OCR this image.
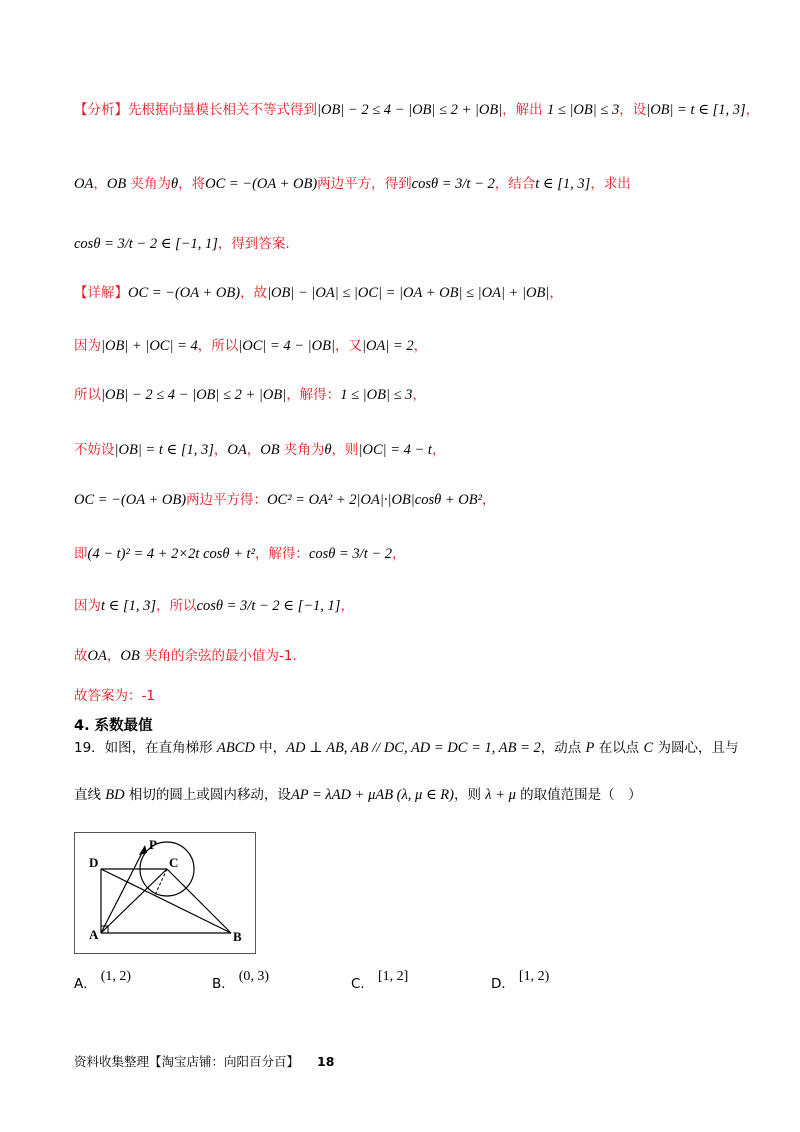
【分析】先根据向量模长相关不等式得到|OB| − 2 ≤ 4 − |OB| ≤ 2 + |OB|，解出 1 ≤ |OB| ≤ 3，设|OB| = t ∈ [1, 3]，
OA，OB 夹角为θ，将OC = −(OA + OB)两边平方，得到cosθ = 3/t − 2，结合t ∈ [1, 3]，求出
cosθ = 3/t − 2 ∈ [−1, 1]，得到答案.
【详解】OC = −(OA + OB)，故|OB| − |OA| ≤ |OC| = |OA + OB| ≤ |OA| + |OB|，
因为|OB| + |OC| = 4，所以|OC| = 4 − |OB|，又|OA| = 2，
所以|OB| − 2 ≤ 4 − |OB| ≤ 2 + |OB|，解得：1 ≤ |OB| ≤ 3，
不妨设|OB| = t ∈ [1, 3]，OA，OB 夹角为θ，则|OC| = 4 − t，
OC = −(OA + OB)两边平方得：OC² = OA² + 2|OA|·|OB|cosθ + OB²，
即(4 − t)² = 4 + 2×2t cosθ + t²，解得：cosθ = 3/t − 2，
因为t ∈ [1, 3]，所以cosθ = 3/t − 2 ∈ [−1, 1]，
故OA，OB 夹角的余弦的最小值为-1.
故答案为：-1
4. 系数最值
19．如图，在直角梯形 ABCD 中，AD ⊥ AB, AB // DC, AD = DC = 1, AB = 2，动点 P 在以点 C 为圆心，且与
直线 BD 相切的圆上或圆内移动，设AP = λAD + μAB (λ, μ ∈ R)，则 λ + μ 的取值范围是（　）
D	C
P
A	B
A． (1, 2)	B． (0, 3)	C． [1, 2]	D． [1, 2)
资料收集整理【淘宝店铺：向阳百分百】 18
